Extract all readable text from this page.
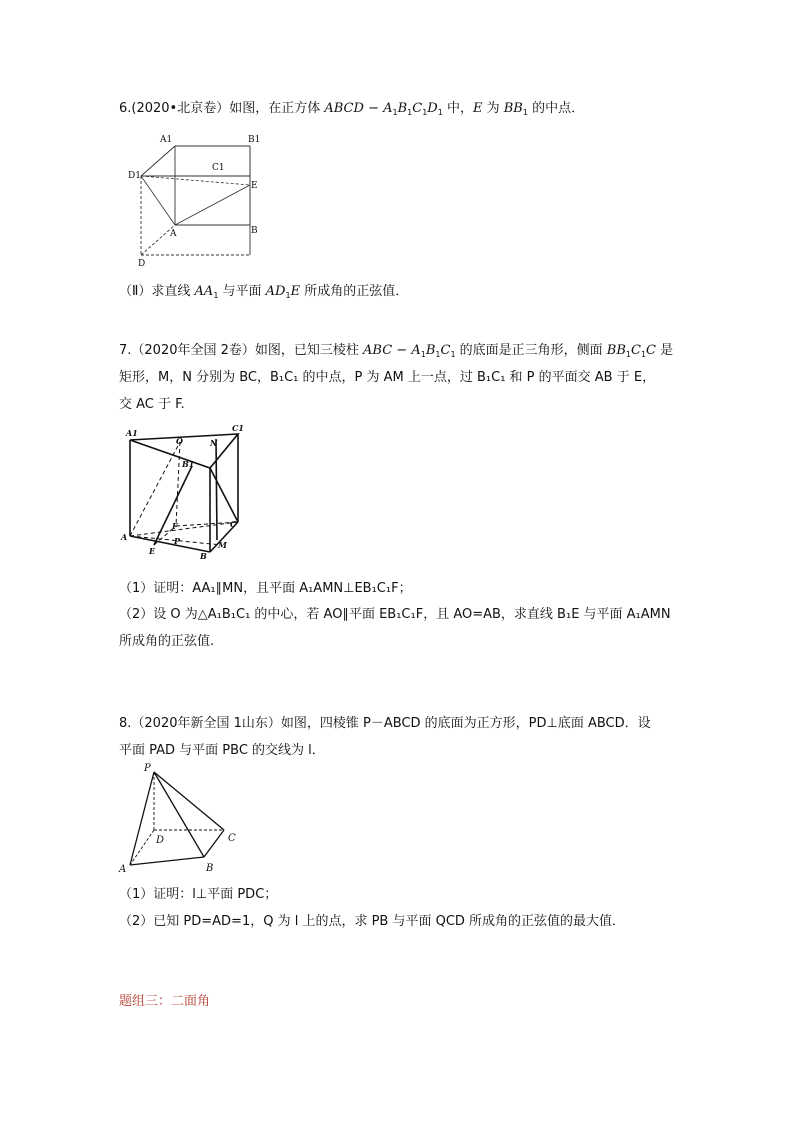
6.(2020•北京卷）如图，在正方体 ABCD − $A_1B_1C_1D_1$ 中，E 为 $BB_1$ 的中点．
A1	B1
C1
D1
E
A	B
D
（Ⅱ）求直线 $AA_1$ 与平面 $AD_1E$ 所成角的正弦值．
7.（2020年全国 2卷）如图，已知三棱柱 ABC − $A_1B_1C_1$ 的底面是正三角形，侧面 $BB_1C_1C$ 是
矩形，M，N 分别为 BC，B₁C₁ 的中点，P 为 AM 上一点，过 B₁C₁ 和 P 的平面交 AB 于 E，
交 AC 于 F.
A1
O	N
C1
B1
C
F
A	P
E	B
M
（1）证明：AA₁∥MN，且平面 A₁AMN⊥EB₁C₁F；
（2）设 O 为△A₁B₁C₁ 的中心，若 AO∥平面 EB₁C₁F，且 AO=AB，求直线 B₁E 与平面 A₁AMN
所成角的正弦值.
8.（2020年新全国 1山东）如图，四棱锥 P－ABCD 的底面为正方形，PD⊥底面 ABCD．设
平面 PAD 与平面 PBC 的交线为 l．
P
D	C
A	B
（1）证明：l⊥平面 PDC；
（2）已知 PD=AD=1，Q 为 l 上的点，求 PB 与平面 QCD 所成角的正弦值的最大值．
题组三：二面角
